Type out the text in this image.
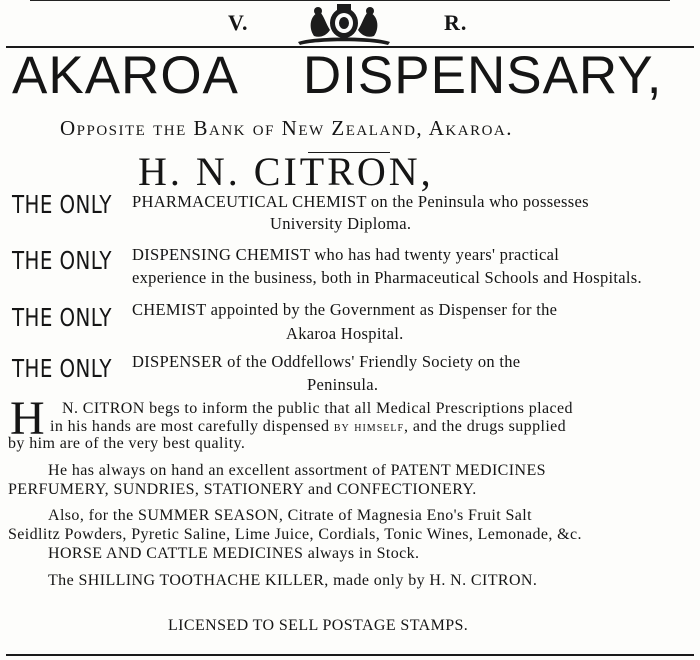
V.	R.
AKAROA DISPENSARY,
Opposite the Bank of New Zealand, Akaroa.
H. N. CITRON,
THE ONLY PHARMACEUTICAL CHEMIST on the Peninsula who possesses
University Diploma.
THE ONLY DISPENSING CHEMIST who has had twenty years' practical
experience in the business, both in Pharmaceutical Schools and Hospitals.
THE ONLY CHEMIST appointed by the Government as Dispenser for the
Akaroa Hospital.
THE ONLY DISPENSER of the Oddfellows' Friendly Society on the
Peninsula.
H N. CITRON begs to inform the public that all Medical Prescriptions placed
in his hands are most carefully dispensed by himself, and the drugs supplied
by him are of the very best quality.
He has always on hand an excellent assortment of PATENT MEDICINES
PERFUMERY, SUNDRIES, STATIONERY and CONFECTIONERY.
Also, for the SUMMER SEASON, Citrate of Magnesia Eno's Fruit Salt
Seidlitz Powders, Pyretic Saline, Lime Juice, Cordials, Tonic Wines, Lemonade, &c.
HORSE AND CATTLE MEDICINES always in Stock.
The SHILLING TOOTHACHE KILLER, made only by H. N. CITRON.
LICENSED TO SELL POSTAGE STAMPS.
